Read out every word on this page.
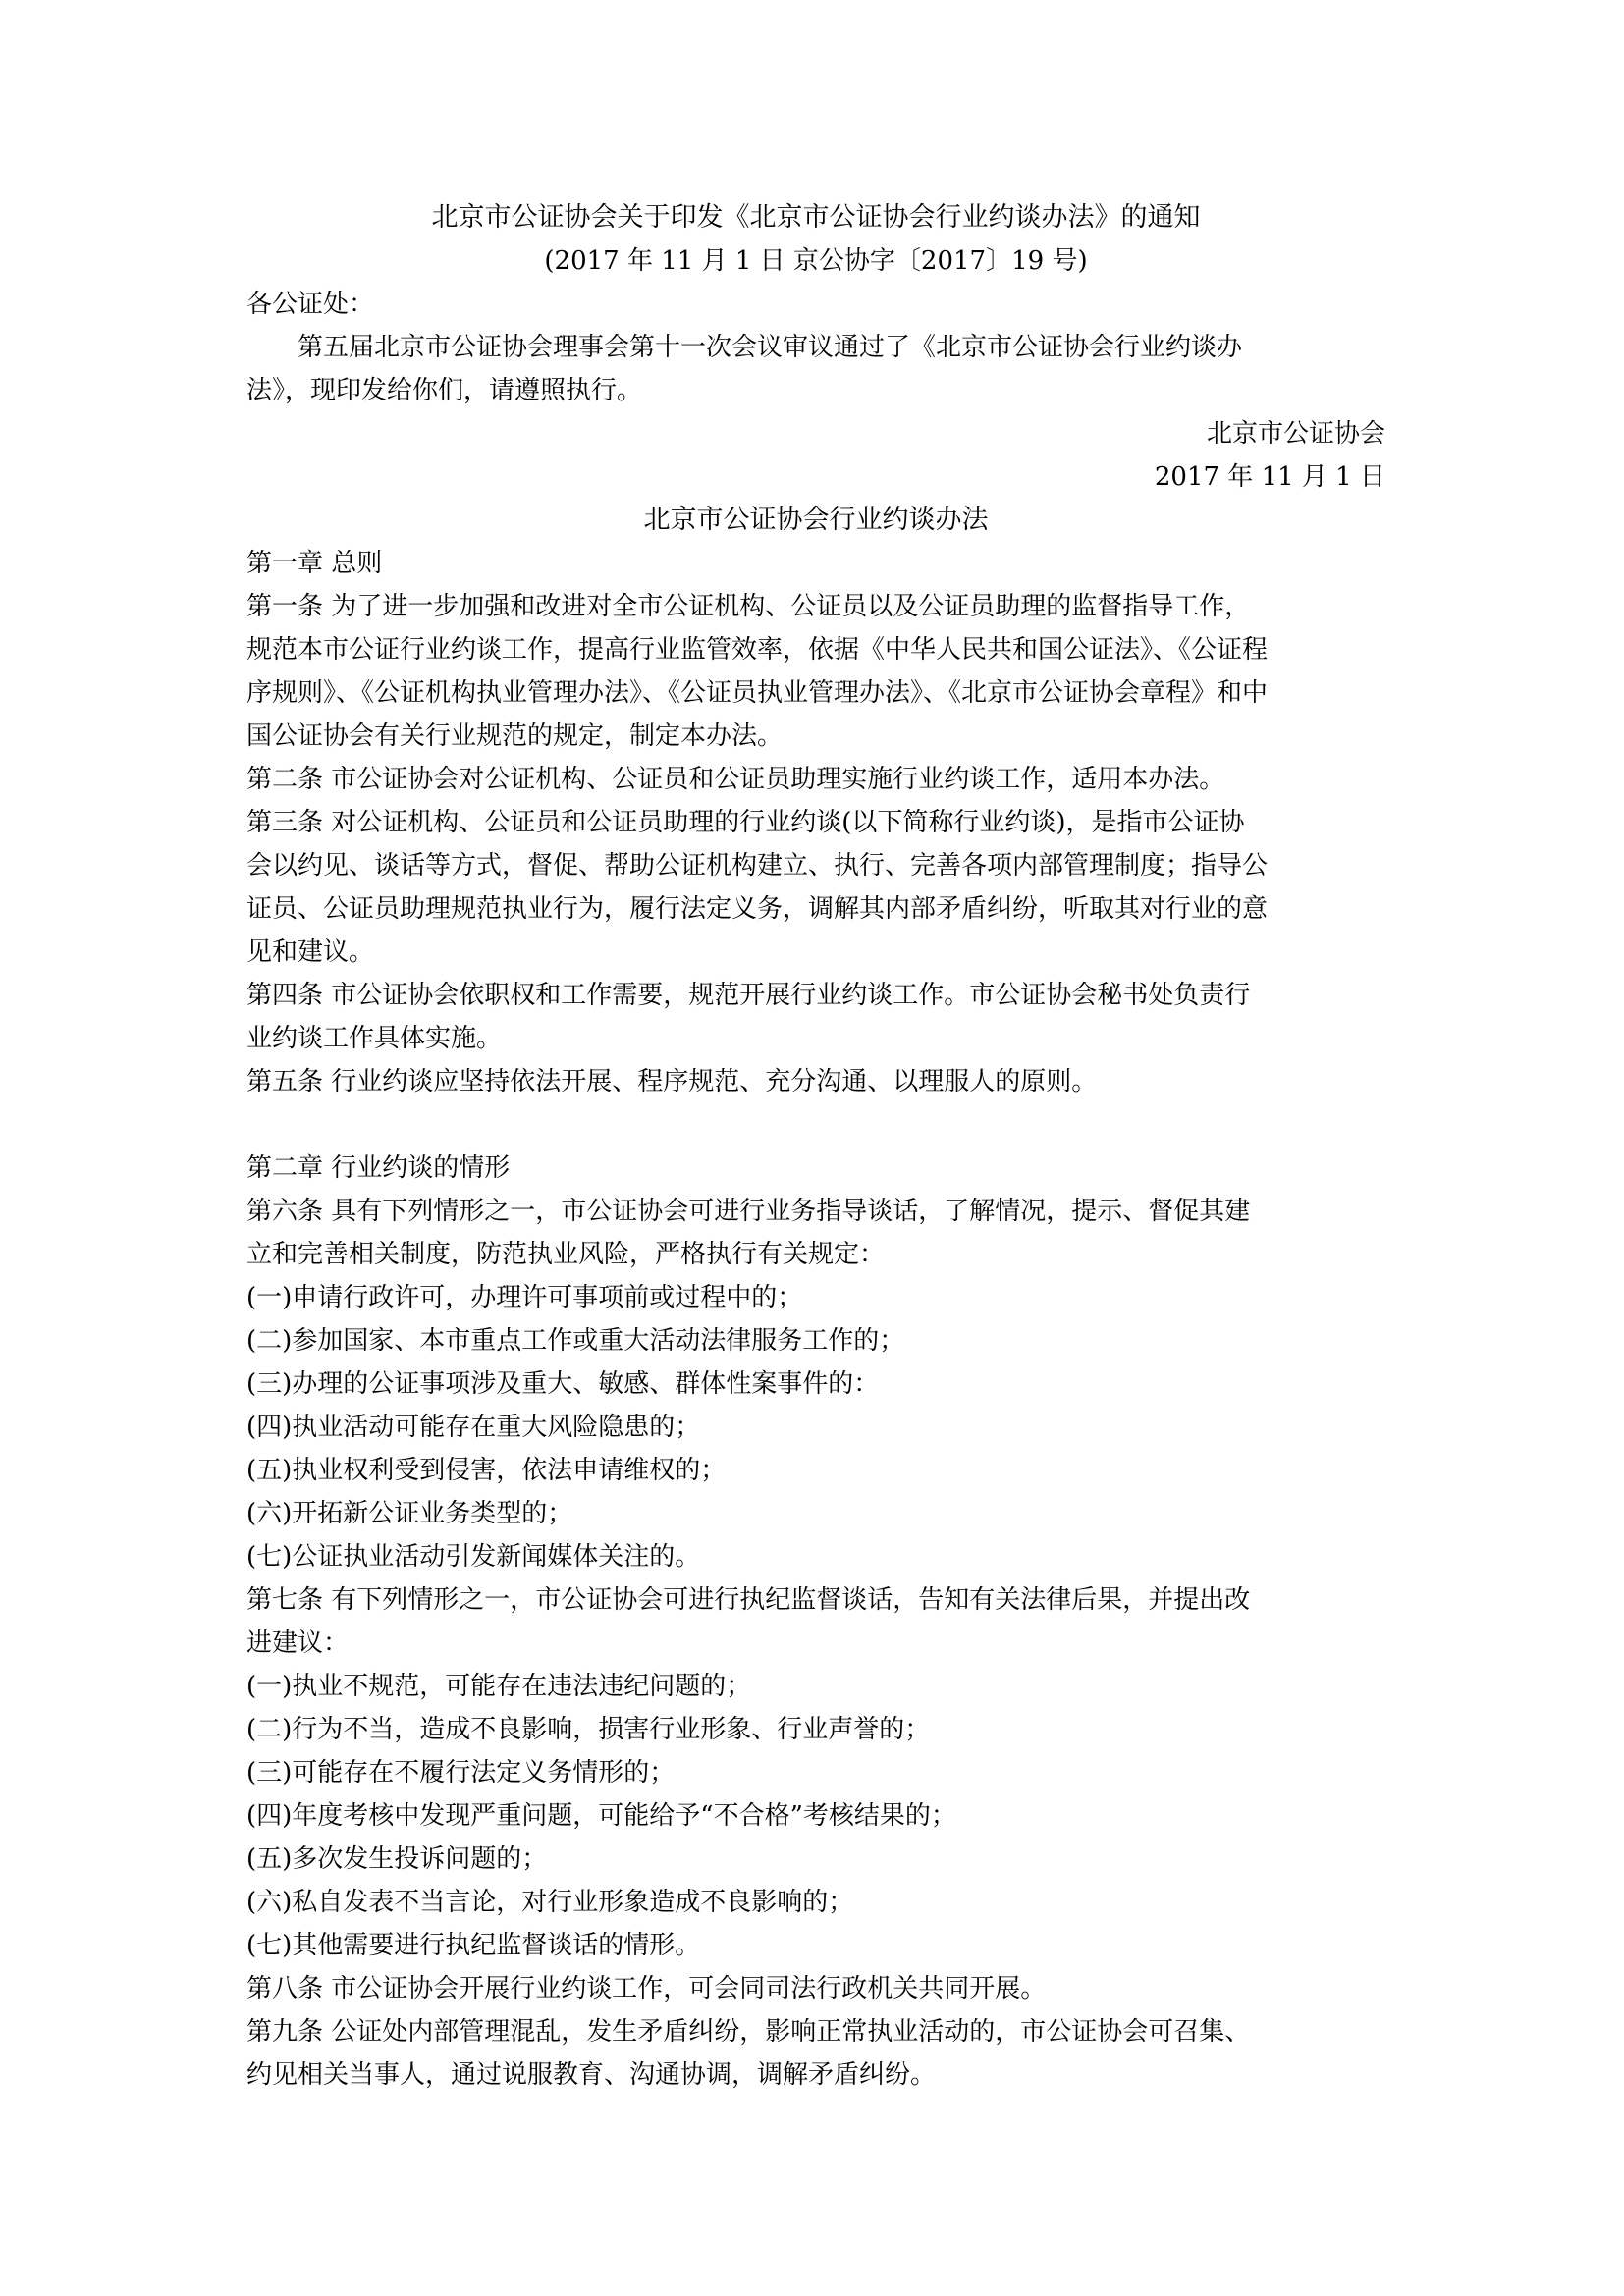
北京市公证协会关于印发《北京市公证协会行业约谈办法》的通知
(2017 年 11 月 1 日 京公协字〔2017〕19 号)
各公证处：
第五届北京市公证协会理事会第十一次会议审议通过了《北京市公证协会行业约谈办
法》，现印发给你们，请遵照执行。
北京市公证协会
2017 年 11 月 1 日
北京市公证协会行业约谈办法
第一章 总则
第一条 为了进一步加强和改进对全市公证机构、公证员以及公证员助理的监督指导工作，
规范本市公证行业约谈工作，提高行业监管效率，依据《中华人民共和国公证法》、《公证程
序规则》、《公证机构执业管理办法》、《公证员执业管理办法》、《北京市公证协会章程》和中
国公证协会有关行业规范的规定，制定本办法。
第二条 市公证协会对公证机构、公证员和公证员助理实施行业约谈工作，适用本办法。
第三条 对公证机构、公证员和公证员助理的行业约谈(以下简称行业约谈)，是指市公证协
会以约见、谈话等方式，督促、帮助公证机构建立、执行、完善各项内部管理制度；指导公
证员、公证员助理规范执业行为，履行法定义务，调解其内部矛盾纠纷，听取其对行业的意
见和建议。
第四条 市公证协会依职权和工作需要，规范开展行业约谈工作。市公证协会秘书处负责行
业约谈工作具体实施。
第五条 行业约谈应坚持依法开展、程序规范、充分沟通、以理服人的原则。
第二章 行业约谈的情形
第六条 具有下列情形之一，市公证协会可进行业务指导谈话，了解情况，提示、督促其建
立和完善相关制度，防范执业风险，严格执行有关规定：
(一)申请行政许可，办理许可事项前或过程中的；
(二)参加国家、本市重点工作或重大活动法律服务工作的；
(三)办理的公证事项涉及重大、敏感、群体性案事件的：
(四)执业活动可能存在重大风险隐患的；
(五)执业权利受到侵害，依法申请维权的；
(六)开拓新公证业务类型的；
(七)公证执业活动引发新闻媒体关注的。
第七条 有下列情形之一，市公证协会可进行执纪监督谈话，告知有关法律后果，并提出改
进建议：
(一)执业不规范，可能存在违法违纪问题的；
(二)行为不当，造成不良影响，损害行业形象、行业声誉的；
(三)可能存在不履行法定义务情形的；
(四)年度考核中发现严重问题，可能给予“不合格”考核结果的；
(五)多次发生投诉问题的；
(六)私自发表不当言论，对行业形象造成不良影响的；
(七)其他需要进行执纪监督谈话的情形。
第八条 市公证协会开展行业约谈工作，可会同司法行政机关共同开展。
第九条 公证处内部管理混乱，发生矛盾纠纷，影响正常执业活动的，市公证协会可召集、
约见相关当事人，通过说服教育、沟通协调，调解矛盾纠纷。
